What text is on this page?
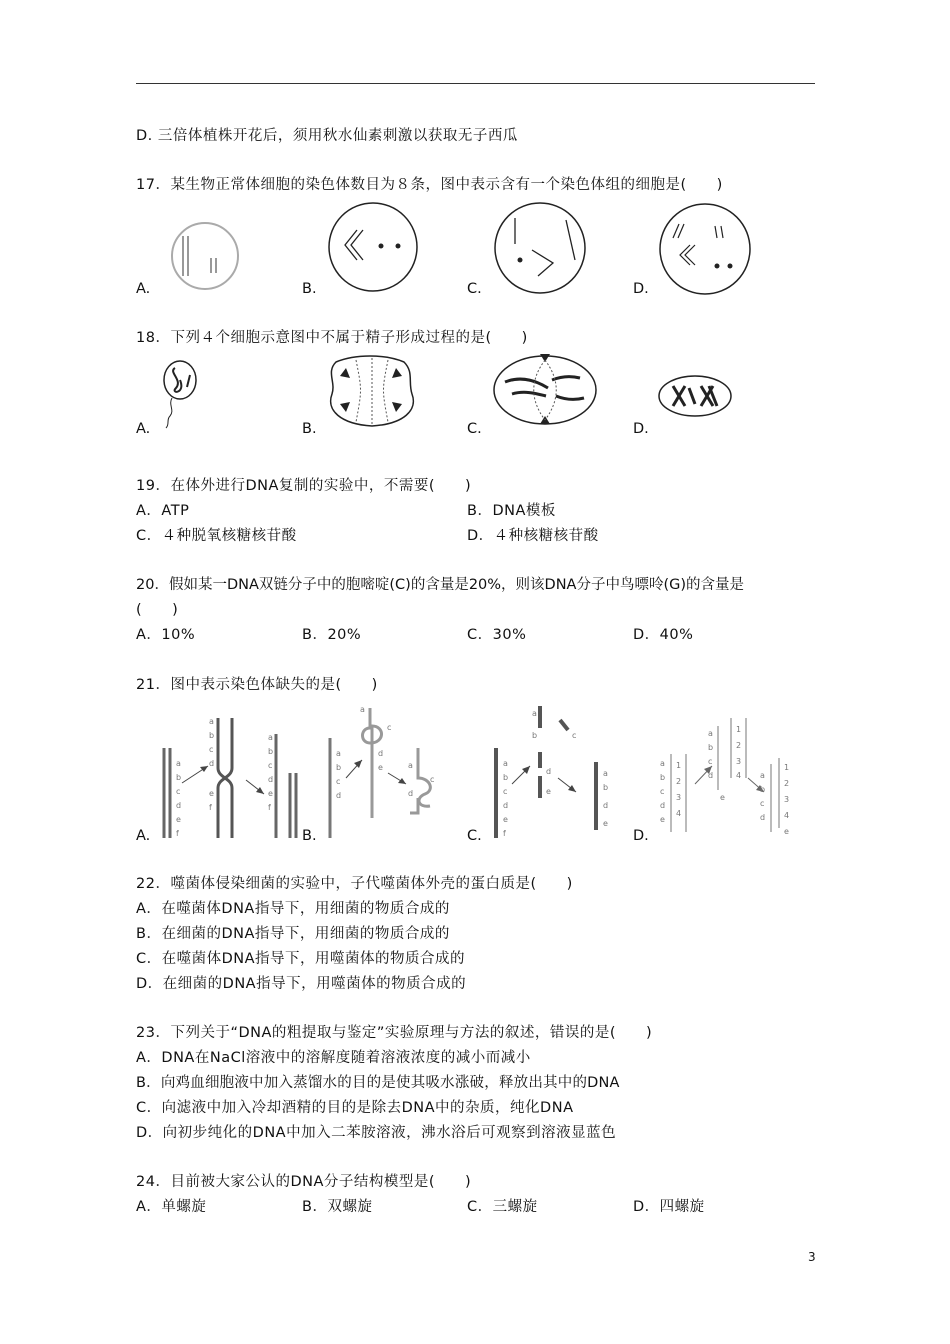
D. 三倍体植株开花后，须用秋水仙素刺激以获取无子西瓜
17．某生物正常体细胞的染色体数目为８条，图中表示含有一个染色体组的细胞是(　　)
A.	B.	C.	D.
18．下列４个细胞示意图中不属于精子形成过程的是(　　)
A.	B.	C.	D.
19．在体外进行DNA复制的实验中，不需要(　　)
A．ATP	B．DNA模板
C．４种脱氧核糖核苷酸	D．４种核糖核苷酸
20．假如某一DNA双链分子中的胞嘧啶(C)的含量是20%，则该DNA分子中鸟嘌呤(G)的含量是
(　　)
A．10%	B．20%	C．30%	D．40%
21．图中表示染色体缺失的是(　　)
a
b
c
d
e
f
a
b
c
d
e
f
a
b
c
d
e
f
a
b
c
d
a
c
d
e	a
c
d
a
b
c
d
e
f
a
b
d
e
c
a
b
d
e
a
b
c
d
e
1
2
3
4
a
b
c
d
e
1
2
3
4 a
b
c
d
1
2
3
4
e
A.	B.	C.	D.
22．噬菌体侵染细菌的实验中，子代噬菌体外壳的蛋白质是(　　)
A．在噬菌体DNA指导下，用细菌的物质合成的
B．在细菌的DNA指导下，用细菌的物质合成的
C．在噬菌体DNA指导下，用噬菌体的物质合成的
D．在细菌的DNA指导下，用噬菌体的物质合成的
23．下列关于“DNA的粗提取与鉴定”实验原理与方法的叙述，错误的是(　　)
A．DNA在NaCl溶液中的溶解度随着溶液浓度的减小而减小
B．向鸡血细胞液中加入蒸馏水的目的是使其吸水涨破，释放出其中的DNA
C．向滤液中加入冷却酒精的目的是除去DNA中的杂质，纯化DNA
D．向初步纯化的DNA中加入二苯胺溶液，沸水浴后可观察到溶液显蓝色
24．目前被大家公认的DNA分子结构模型是(　　)
A．单螺旋	B．双螺旋	C．三螺旋	D．四螺旋
3
